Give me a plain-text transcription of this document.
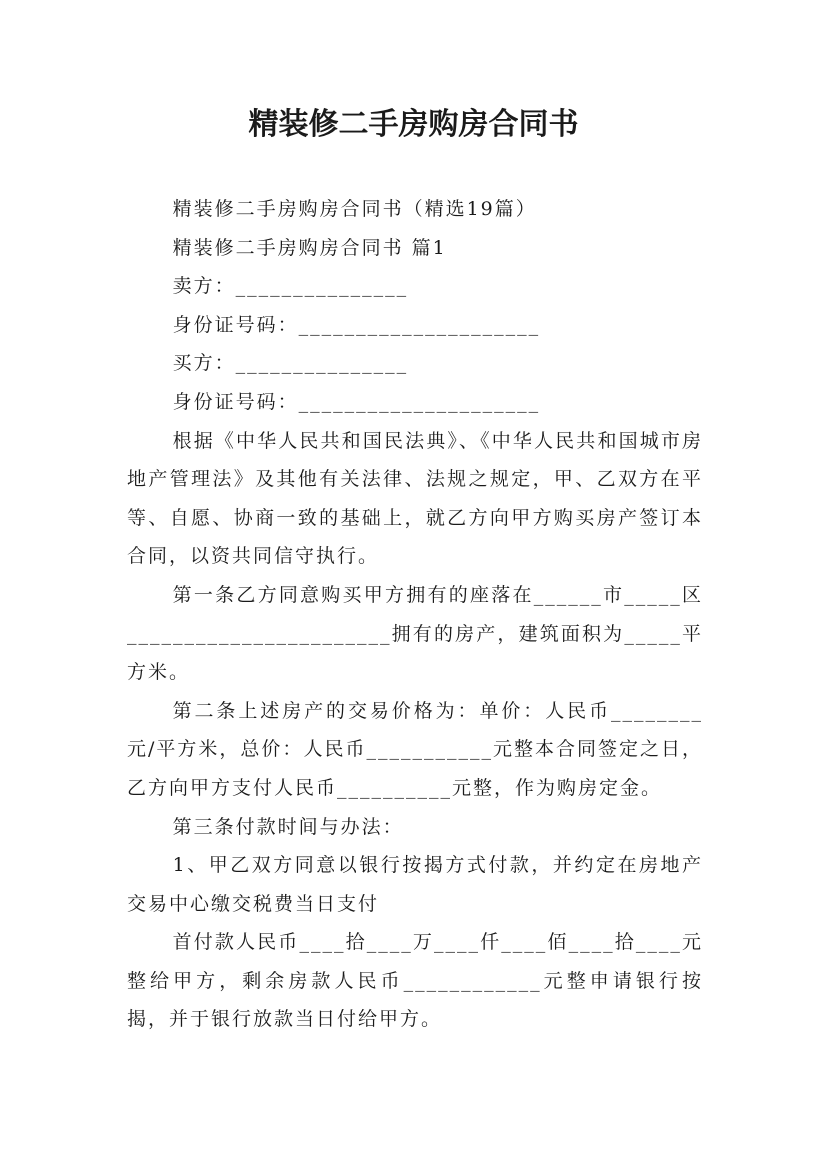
精装修二手房购房合同书

精装修二手房购房合同书（精选19篇）

精装修二手房购房合同书 篇1

卖方：_______________

身份证号码：_____________________

买方：_______________

身份证号码：_____________________

根据《中华人民共和国民法典》、《中华人民共和国城市房地产管理法》及其他有关法律、法规之规定，甲、乙双方在平等、自愿、协商一致的基础上，就乙方向甲方购买房产签订本合同，以资共同信守执行。

第一条乙方同意购买甲方拥有的座落在______市_____区_______________________拥有的房产，建筑面积为_____平方米。

第二条上述房产的交易价格为：单价：人民币________元/平方米，总价：人民币___________元整本合同签定之日，乙方向甲方支付人民币__________元整，作为购房定金。

第三条付款时间与办法：

1、甲乙双方同意以银行按揭方式付款，并约定在房地产交易中心缴交税费当日支付

首付款人民币____拾____万____仟____佰____拾____元整给甲方，剩余房款人民币____________元整申请银行按揭，并于银行放款当日付给甲方。
